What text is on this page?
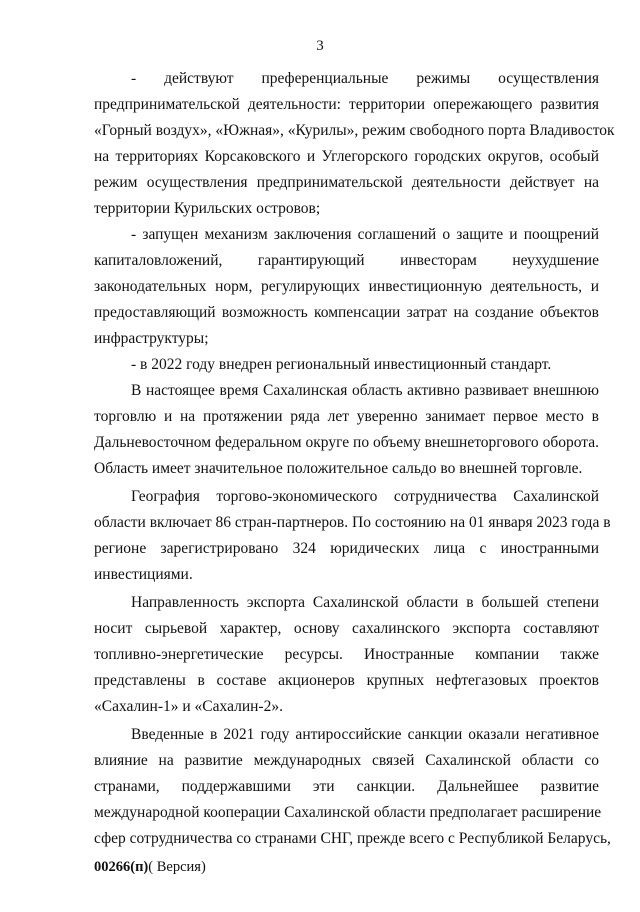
3
- действуют преференциальные режимы осуществления
предпринимательской деятельности: территории опережающего развития
«Горный воздух», «Южная», «Курилы», режим свободного порта Владивосток
на территориях Корсаковского и Углегорского городских округов, особый
режим осуществления предпринимательской деятельности действует на
территории Курильских островов;
- запущен механизм заключения соглашений о защите и поощрений
капиталовложений, гарантирующий инвесторам неухудшение
законодательных норм, регулирующих инвестиционную деятельность, и
предоставляющий возможность компенсации затрат на создание объектов
инфраструктуры;
- в 2022 году внедрен региональный инвестиционный стандарт.
В настоящее время Сахалинская область активно развивает внешнюю
торговлю и на протяжении ряда лет уверенно занимает первое место в
Дальневосточном федеральном округе по объему внешнеторгового оборота.
Область имеет значительное положительное сальдо во внешней торговле.
География торгово-экономического сотрудничества Сахалинской
области включает 86 стран-партнеров. По состоянию на 01 января 2023 года в
регионе зарегистрировано 324 юридических лица с иностранными
инвестициями.
Направленность экспорта Сахалинской области в большей степени
носит сырьевой характер, основу сахалинского экспорта составляют
топливно-энергетические ресурсы. Иностранные компании также
представлены в составе акционеров крупных нефтегазовых проектов
«Сахалин-1» и «Сахалин-2».
Введенные в 2021 году антироссийские санкции оказали негативное
влияние на развитие международных связей Сахалинской области со
странами, поддержавшими эти санкции. Дальнейшее развитие
международной кооперации Сахалинской области предполагает расширение
сфер сотрудничества со странами СНГ, прежде всего с Республикой Беларусь,
00266(п)( Версия)
